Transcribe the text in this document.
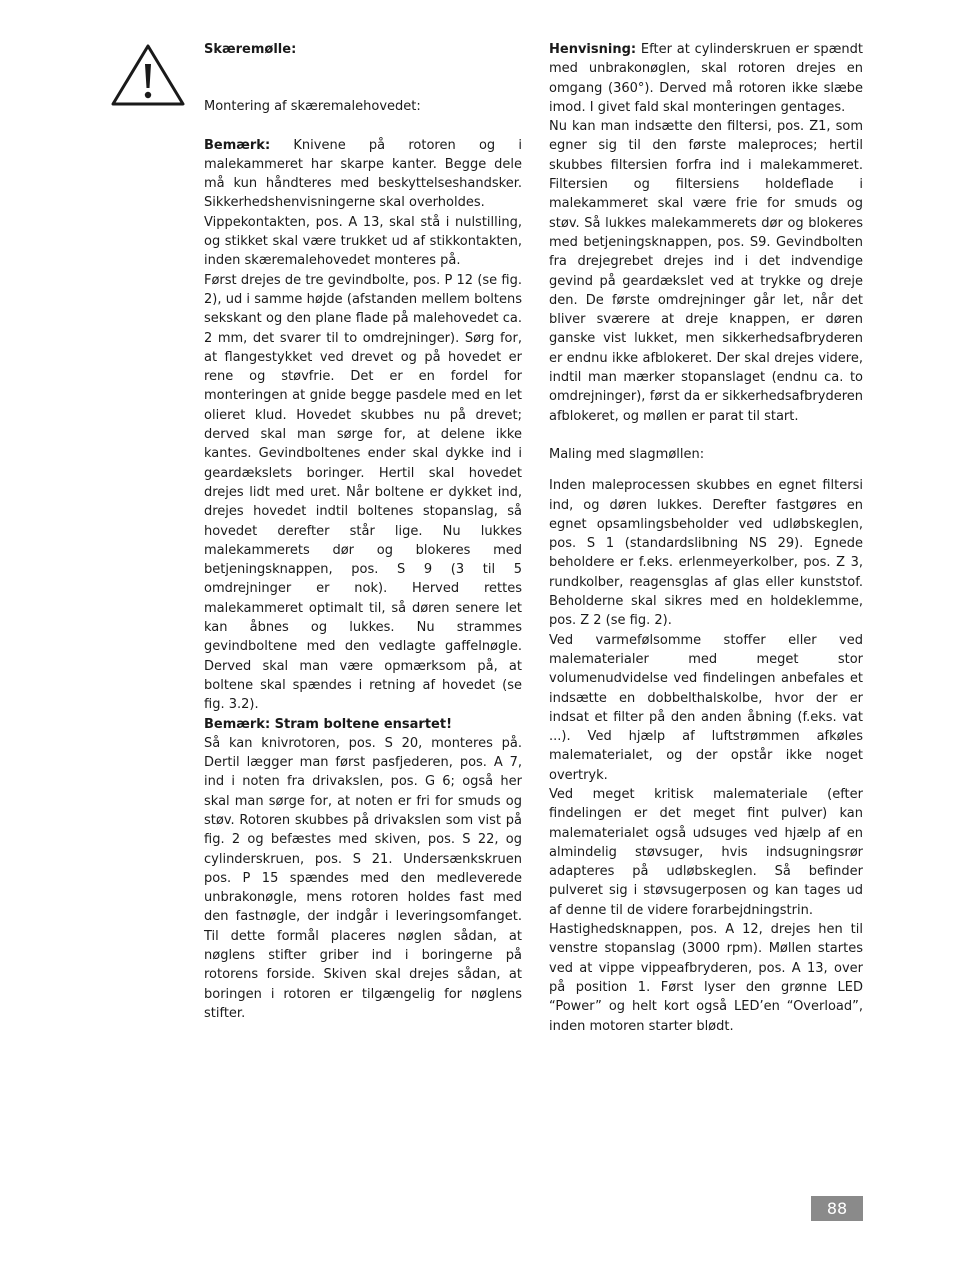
Skæremølle:

Montering af skæremalehovedet:

Bemærk: Knivene på rotoren og i malekammeret har skarpe kanter. Begge dele må kun håndteres med beskyttelseshandsker. Sikkerhedshenvisningerne skal overholdes.

Vippekontakten, pos. A 13, skal stå i nulstilling, og stikket skal være trukket ud af stikkontakten, inden skæremalehovedet monteres på.

Først drejes de tre gevindbolte, pos. P 12 (se fig. 2), ud i samme højde (afstanden mellem boltens sekskant og den plane flade på malehovedet ca. 2 mm, det svarer til to omdrejninger). Sørg for, at flangestykket ved drevet og på hovedet er rene og støvfrie. Det er en fordel for monteringen at gnide begge pasdele med en let olieret klud. Hovedet skubbes nu på drevet; derved skal man sørge for, at delene ikke kantes. Gevindboltenes ender skal dykke ind i geardækslets boringer. Hertil skal hovedet drejes lidt med uret. Når boltene er dykket ind, drejes hovedet indtil boltenes stopanslag, så hovedet derefter står lige. Nu lukkes malekammerets dør og blokeres med betjeningsknappen, pos. S 9 (3 til 5 omdrejninger er nok). Herved rettes malekammeret optimalt til, så døren senere let kan åbnes og lukkes. Nu strammes gevindboltene med den vedlagte gaffelnøgle. Derved skal man være opmærksom på, at boltene skal spændes i retning af hovedet (se fig. 3.2).

Bemærk: Stram boltene ensartet!

Så kan knivrotoren, pos. S 20, monteres på. Dertil lægger man først pasfjederen, pos. A 7, ind i noten fra drivakslen, pos. G 6; også her skal man sørge for, at noten er fri for smuds og støv. Rotoren skubbes på drivakslen som vist på fig. 2 og befæstes med skiven, pos. S 22, og cylinderskruen, pos. S 21. Undersænkskruen pos. P 15 spændes med den medleverede unbrakonøgle, mens rotoren holdes fast med den fastnøgle, der indgår i leveringsomfanget. Til dette formål placeres nøglen sådan, at nøglens stifter griber ind i boringerne på rotorens forside. Skiven skal drejes sådan, at boringen i rotoren er tilgængelig for nøglens stifter.

Henvisning: Efter at cylinderskruen er spændt med unbrakonøglen, skal rotoren drejes en omgang (360°). Derved må rotoren ikke slæbe imod. I givet fald skal monteringen gentages.

Nu kan man indsætte den filtersi, pos. Z1, som egner sig til den første maleproces; hertil skubbes filtersien forfra ind i malekammeret. Filtersien og filtersiens holdeflade i malekammeret skal være frie for smuds og støv. Så lukkes malekammerets dør og blokeres med betjeningsknappen, pos. S9. Gevindbolten fra drejegrebet drejes ind i det indvendige gevind på geardækslet ved at trykke og dreje den. De første omdrejninger går let, når det bliver sværere at dreje knappen, er døren ganske vist lukket, men sikkerhedsafbryderen er endnu ikke afblokeret. Der skal drejes videre, indtil man mærker stopanslaget (endnu ca. to omdrejninger), først da er sikkerhedsafbryderen afblokeret, og møllen er parat til start.

Maling med slagmøllen:

Inden maleprocessen skubbes en egnet filtersi ind, og døren lukkes. Derefter fastgøres en egnet opsamlingsbeholder ved udløbskeglen, pos. S 1 (standardslibning NS 29). Egnede beholdere er f.eks. erlenmeyerkolber, pos. Z 3, rundkolber, reagensglas af glas eller kunststof. Beholderne skal sikres med en holdeklemme, pos. Z 2 (se fig. 2).

Ved varmefølsomme stoffer eller ved malematerialer med meget stor volumenudvidelse ved findelingen anbefales et indsætte en dobbelthalskolbe, hvor der er indsat et filter på den anden åbning (f.eks. vat ...). Ved hjælp af luftstrømmen afkøles malematerialet, og der opstår ikke noget overtryk.

Ved meget kritisk malemateriale (efter findelingen er det meget fint pulver) kan malematerialet også udsuges ved hjælp af en almindelig støvsuger, hvis indsugningsrør adapteres på udløbskeglen. Så befinder pulveret sig i støvsugerposen og kan tages ud af denne til de videre forarbejdningstrin.

Hastighedsknappen, pos. A 12, drejes hen til venstre stopanslag (3000 rpm). Møllen startes ved at vippe vippeafbryderen, pos. A 13, over på position 1. Først lyser den grønne LED “Power” og helt kort også LED’en “Overload”, inden motoren starter blødt.

88
